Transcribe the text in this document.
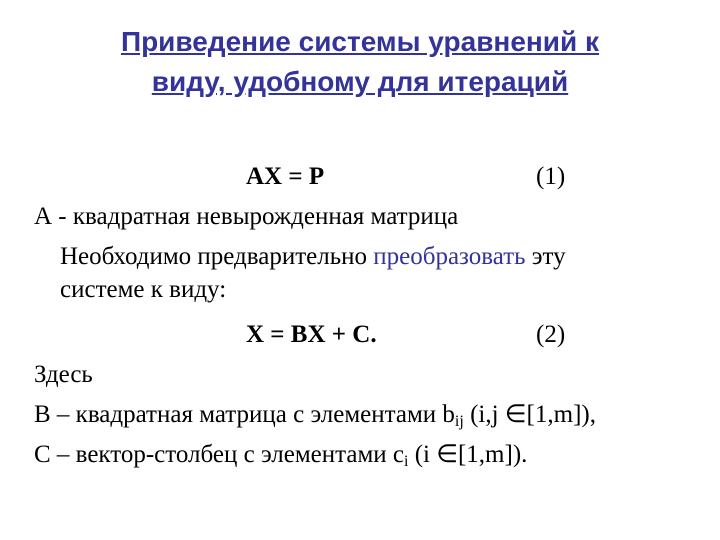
Приведение системы уравнений к
виду, удобному для итераций
AX = P	(1)
А - квадратная невырожденная матрица
Необходимо предварительно преобразовать эту
системе к виду:
X = BX + C.	(2)
Здесь
В – квадратная матрица с элементами $b_{ij}$ (i,j ∈[1,m]),
С – вектор-столбец с элементами $c_i$ (i ∈[1,m]).
